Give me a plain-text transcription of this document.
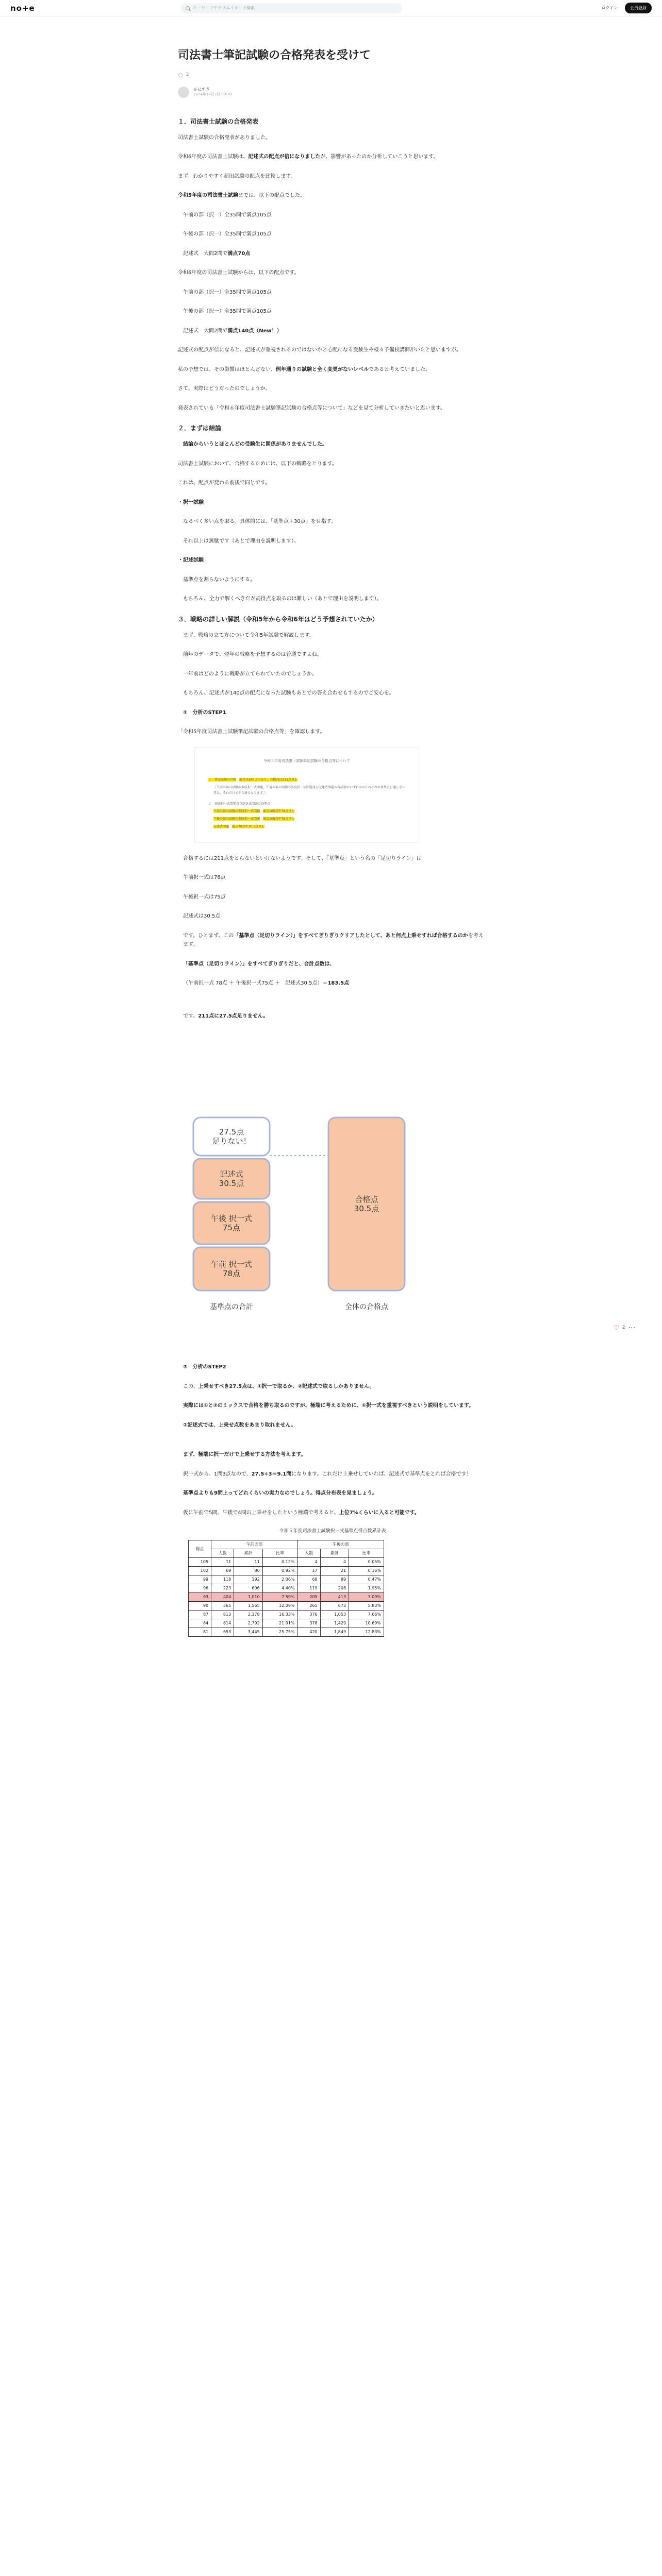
no+e	キーワードやクリエイターで検索	ログイン	会員登録
司法書士筆記試験の合格発表を受けて
2
かにすき
2024年10月3日 00:30
１．司法書士試験の合格発表

司法書士試験の合格発表がありました。

令和6年度の司法書士試験は、記述式の配点が倍になりましたが、影響があったのか分析していこうと思います。

まず、わかりやすく新旧試験の配点を比較します。

令和5年度の司法書士試験までは、以下の配点でした。

午前の部（択一）全35問で満点105点

午後の部（択一）全35問で満点105点

記述式　大問2問で満点70点

令和6年度の司法書士試験からは、以下の配点です。

午前の部（択一）全35問で満点105点

午後の部（択一）全35問で満点105点

記述式　大問2問で満点140点（New！）

記述式の配点が倍になると、記述式が重視されるのではないかと心配になる受験生や様々予備校講師がいたと思いますが。

私の予想では、その影響はほとんどない、例年通りの試験と全く変更がないレベルであると考えていました。

さて、実際はどうだったのでしょうか。

発表されている「令和６年度司法書士試験筆記試験の合格点等について」などを見て分析していきたいと思います。

２．まずは結論

結論からいうとほとんどの受験生に関係がありませんでした。

司法書士試験において、合格するためには、以下の戦略をとります。

これは、配点が変わる前後で同じです。

・択一試験

なるべく多い点を取る。具体的には、「基準点＋30点」を目指す。

それ以上は無駄です（あとで理由を説明します）。

・記述試験

基準点を割らないようにする。

もちろん、全力で解くべきだが高得点を取るのは難しい（あとで理由を説明します）。

３．戦略の詳しい解説（令和5年から令和6年はどう予想されていたか）

まず、戦略の立て方について令和5年試験で解説します。

前年のデータで、翌年の戦略を予想するのは普通ですよね。

一年前はどのように戦略が立てられていたのでしょうか。

もちろん、記述式が140点の配点になった試験もあとでの答え合わせもするのでご安心を。

①　分析のSTEP1

「令和5年度司法書士試験筆記試験の合格点等」を確認します。

令和５年度司法書士試験筆記試験の合格点等について
１　筆記試験の合格　 満点は280点であり，合格点は211点以上
（午前の部の試験の多肢択一式問題，午後の部の試験の多肢択一式問題及び記述式問題の各成績のいずれかがそれぞれの基準点に達しない者は，それだけで不合格となります。）
２　多肢択一式問題及び記述式問題の基準点
午前の部の試験の多肢択一式問題　 満点105点中78点以上
午後の部の試験の多肢択一式問題　 満点105点中75点以上
記述式問題　 満点70点中30.5点以上

合格するには211点をとらないといけないようです。そして、「基準点」という名の「足切りライン」は

午前択一式は78点

午後択一式は75点

記述式は30.5点

です。ひとまず、この「基準点（足切りライン）」をすべてぎりぎりクリアしたとして、あと何点上乗せすれば合格するのかを考えます。

「基準点（足切りライン）」をすべてぎりぎりだと、合計点数は、

（午前択一式 78点 ＋ 午後択一式75点 ＋　記述式30.5点）＝183.5点

です。211点に27.5点足りません。

午前 択一式 78点
午後 択一式 75点
記述式 30.5点
27.5点足りない！
合格点 30.5点
基準点の合計	全体の合格点

②　分析のSTEP2

この、上乗せすべき27.5点は、①択一で取るか、②記述式で取るしかありません。

実際には①と②のミックスで合格を勝ち取るのですが、極端に考えるために、①択一式を重視すべきという説明をしています。

②記述式では、上乗せ点数をあまり取れません。

まず、極端に択一だけで上乗せする方法を考えます。

択一式から、1問3点なので、27.5÷3＝9.1問になります。これだけ上乗せしていれば、記述式で基準点をとれば合格です！

基準点よりも9問上ってどれくらいの実力なのでしょう。得点分布表を見ましょう。

仮に午前で5問、午後で4問の上乗せをしたという極端で考えると、上位7%くらいに入ると可能です。

令和５年度司法書士試験択一式基準点得点数累計表
得点	午前の部			午後の部		
	人数	累計	比率	人数	累計	比率
105	11	11	0.12%	4	4	0.05%
102	69	80	0.92%	17	21	0.16%
99	118	192	2.06%	68	89	0.47%
96	223	606	4.40%	119	208	1.95%
93	404	1,010	7.59%	205	413	3.09%
90	565	1,565	12.09%	265	673	5.83%
87	613	2,178	16.33%	376	1,053	7.66%
84	614	2,792	21.01%	378	1,429	10.69%
81	653	3,445	25.75%	420	1,849	12.83%
♡ 2 ···
